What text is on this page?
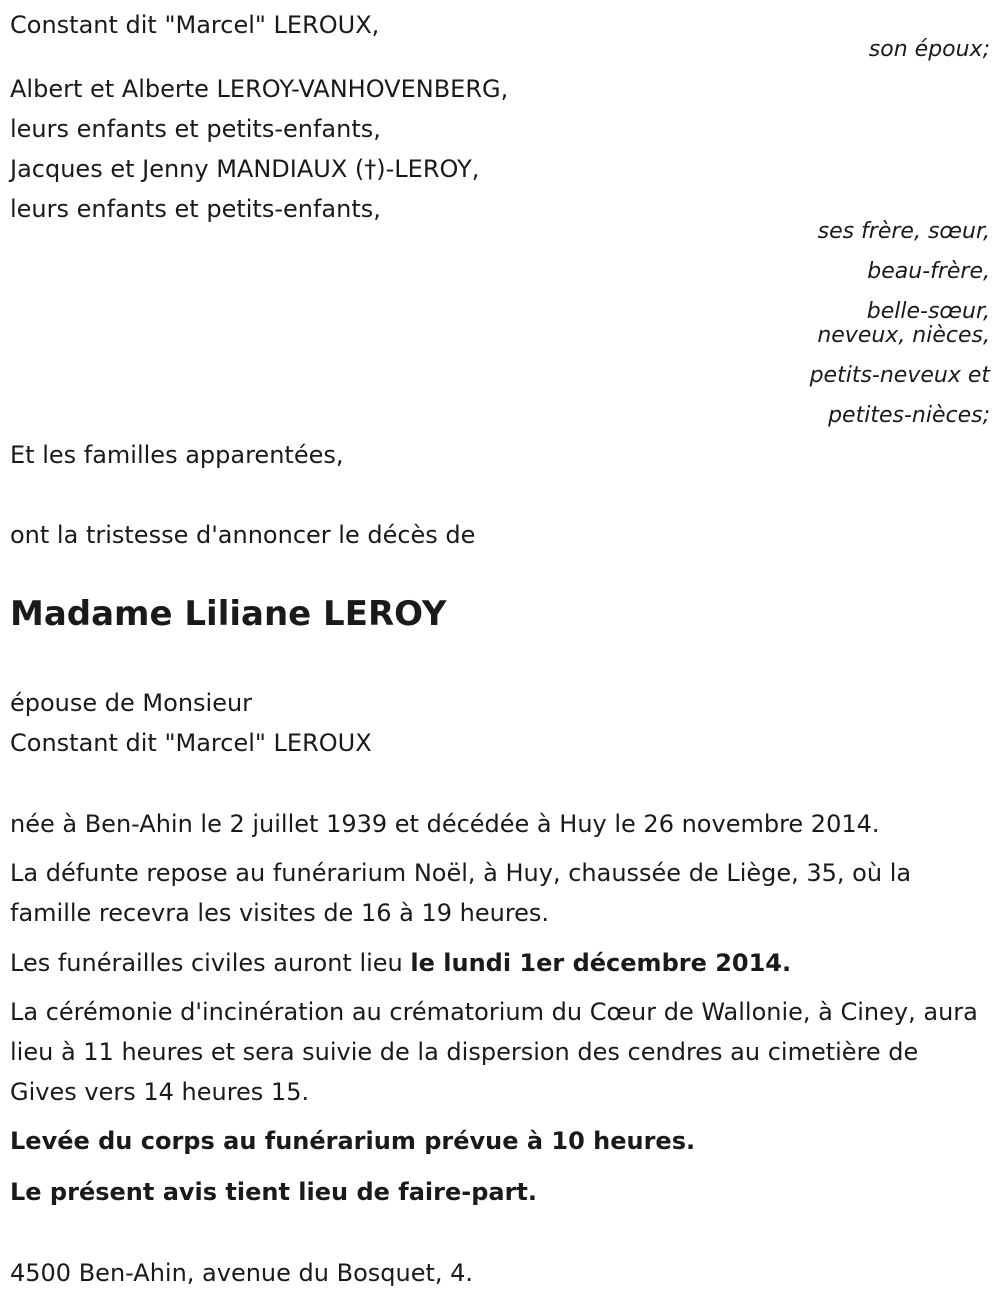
Constant dit "Marcel" LEROUX,

son époux;

Albert et Alberte LEROY-VANHOVENBERG,

leurs enfants et petits-enfants,

Jacques et Jenny MANDIAUX (†)-LEROY,

leurs enfants et petits-enfants,

ses frère, sœur,

beau-frère,

belle-sœur,

neveux, nièces,

petits-neveux et

petites-nièces;

Et les familles apparentées,

ont la tristesse d'annoncer le décès de

Madame Liliane LEROY

épouse de Monsieur

Constant dit "Marcel" LEROUX

née à Ben-Ahin le 2 juillet 1939 et décédée à Huy le 26 novembre 2014.

La défunte repose au funérarium Noël, à Huy, chaussée de Liège, 35, où la famille recevra les visites de 16 à 19 heures.

Les funérailles civiles auront lieu le lundi 1er décembre 2014.

La cérémonie d'incinération au crématorium du Cœur de Wallonie, à Ciney, aura lieu à 11 heures et sera suivie de la dispersion des cendres au cimetière de Gives vers 14 heures 15.

Levée du corps au funérarium prévue à 10 heures.

Le présent avis tient lieu de faire-part.

4500 Ben-Ahin, avenue du Bosquet, 4.
